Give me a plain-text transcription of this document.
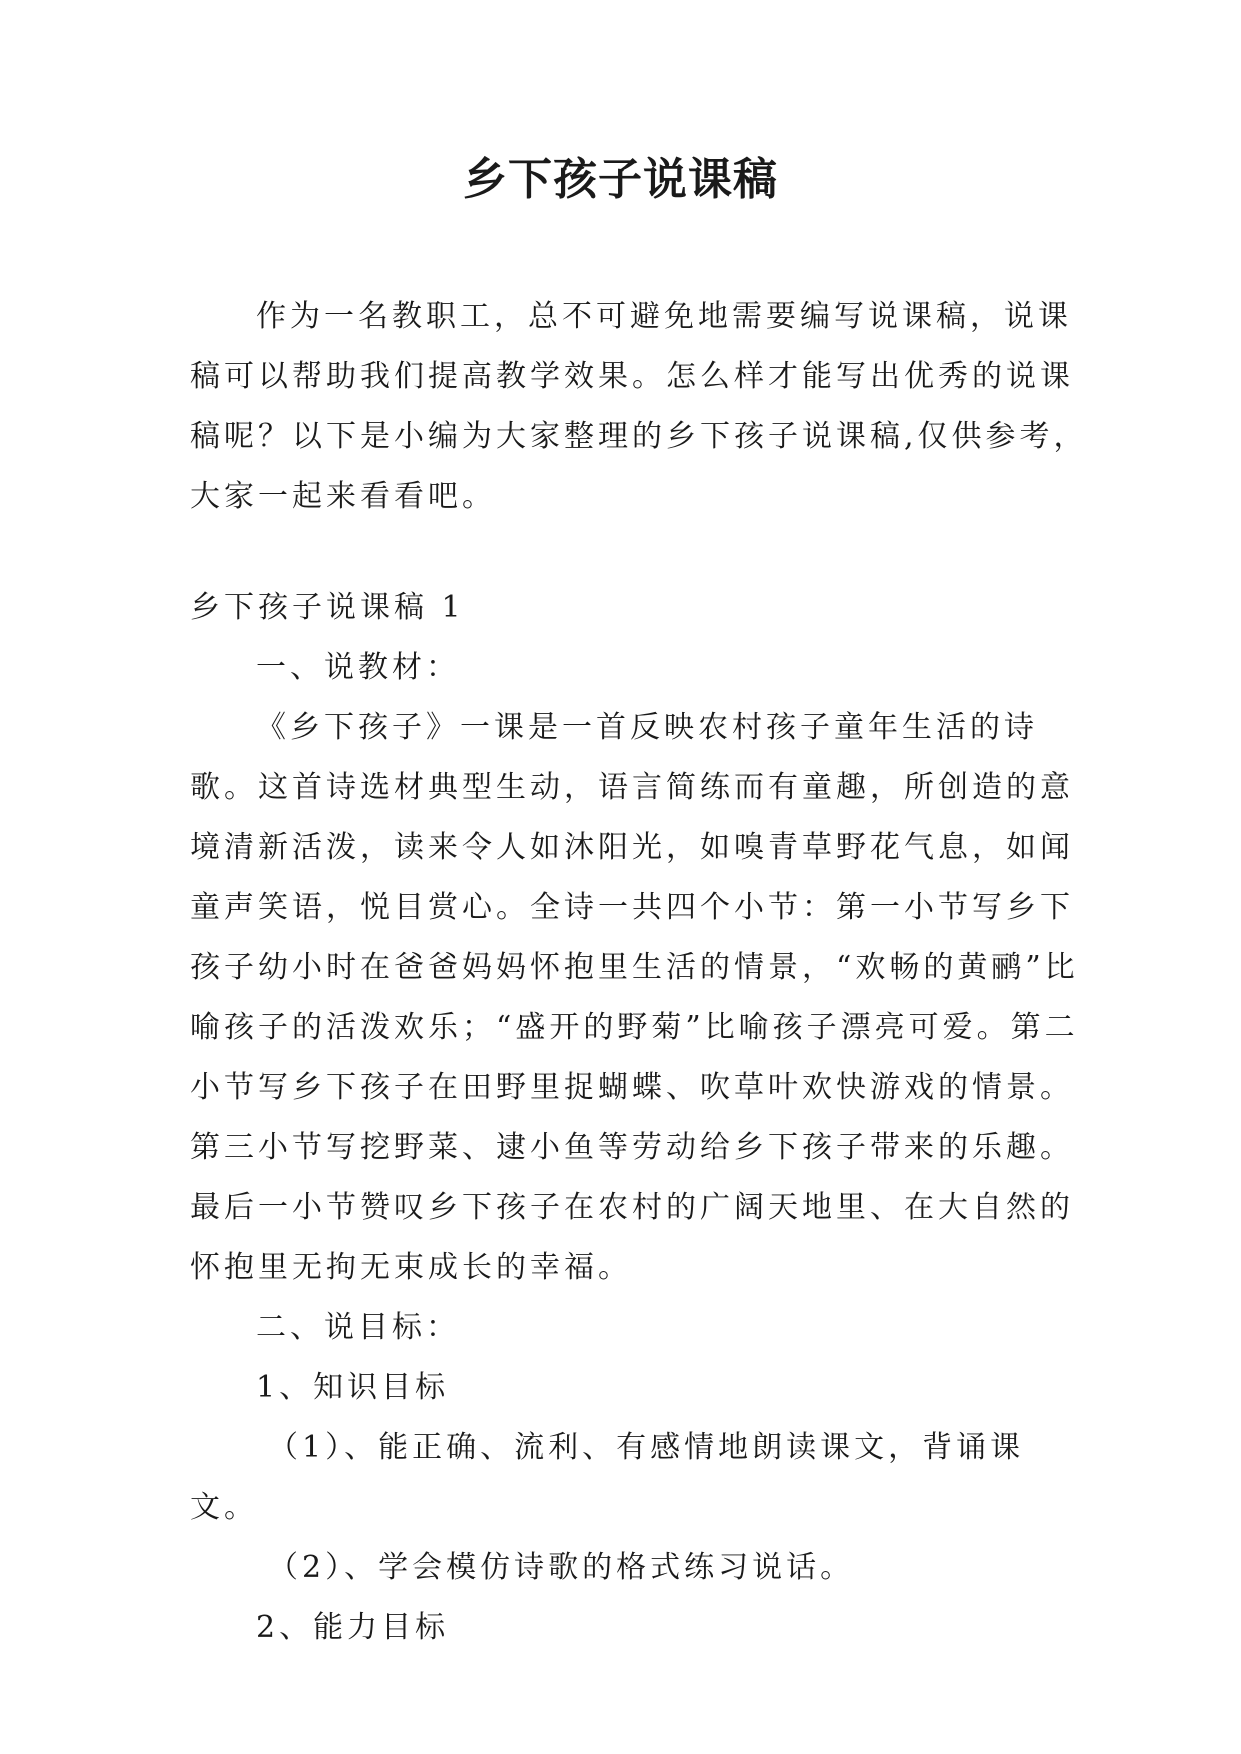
乡下孩子说课稿

作为一名教职工，总不可避免地需要编写说课稿，说课稿可以帮助我们提高教学效果。怎么样才能写出优秀的说课稿呢？以下是小编为大家整理的乡下孩子说课稿,仅供参考，大家一起来看看吧。

乡下孩子说课稿 1

一、说教材：

《乡下孩子》一课是一首反映农村孩子童年生活的诗歌。这首诗选材典型生动，语言简练而有童趣，所创造的意境清新活泼，读来令人如沐阳光，如嗅青草野花气息，如闻童声笑语，悦目赏心。全诗一共四个小节：第一小节写乡下孩子幼小时在爸爸妈妈怀抱里生活的情景，“欢畅的黄鹂”比喻孩子的活泼欢乐；“盛开的野菊”比喻孩子漂亮可爱。第二小节写乡下孩子在田野里捉蝴蝶、吹草叶欢快游戏的情景。第三小节写挖野菜、逮小鱼等劳动给乡下孩子带来的乐趣。最后一小节赞叹乡下孩子在农村的广阔天地里、在大自然的怀抱里无拘无束成长的幸福。

二、说目标：

1、知识目标

（1）、能正确、流利、有感情地朗读课文，背诵课文。

（2）、学会模仿诗歌的格式练习说话。

2、能力目标
